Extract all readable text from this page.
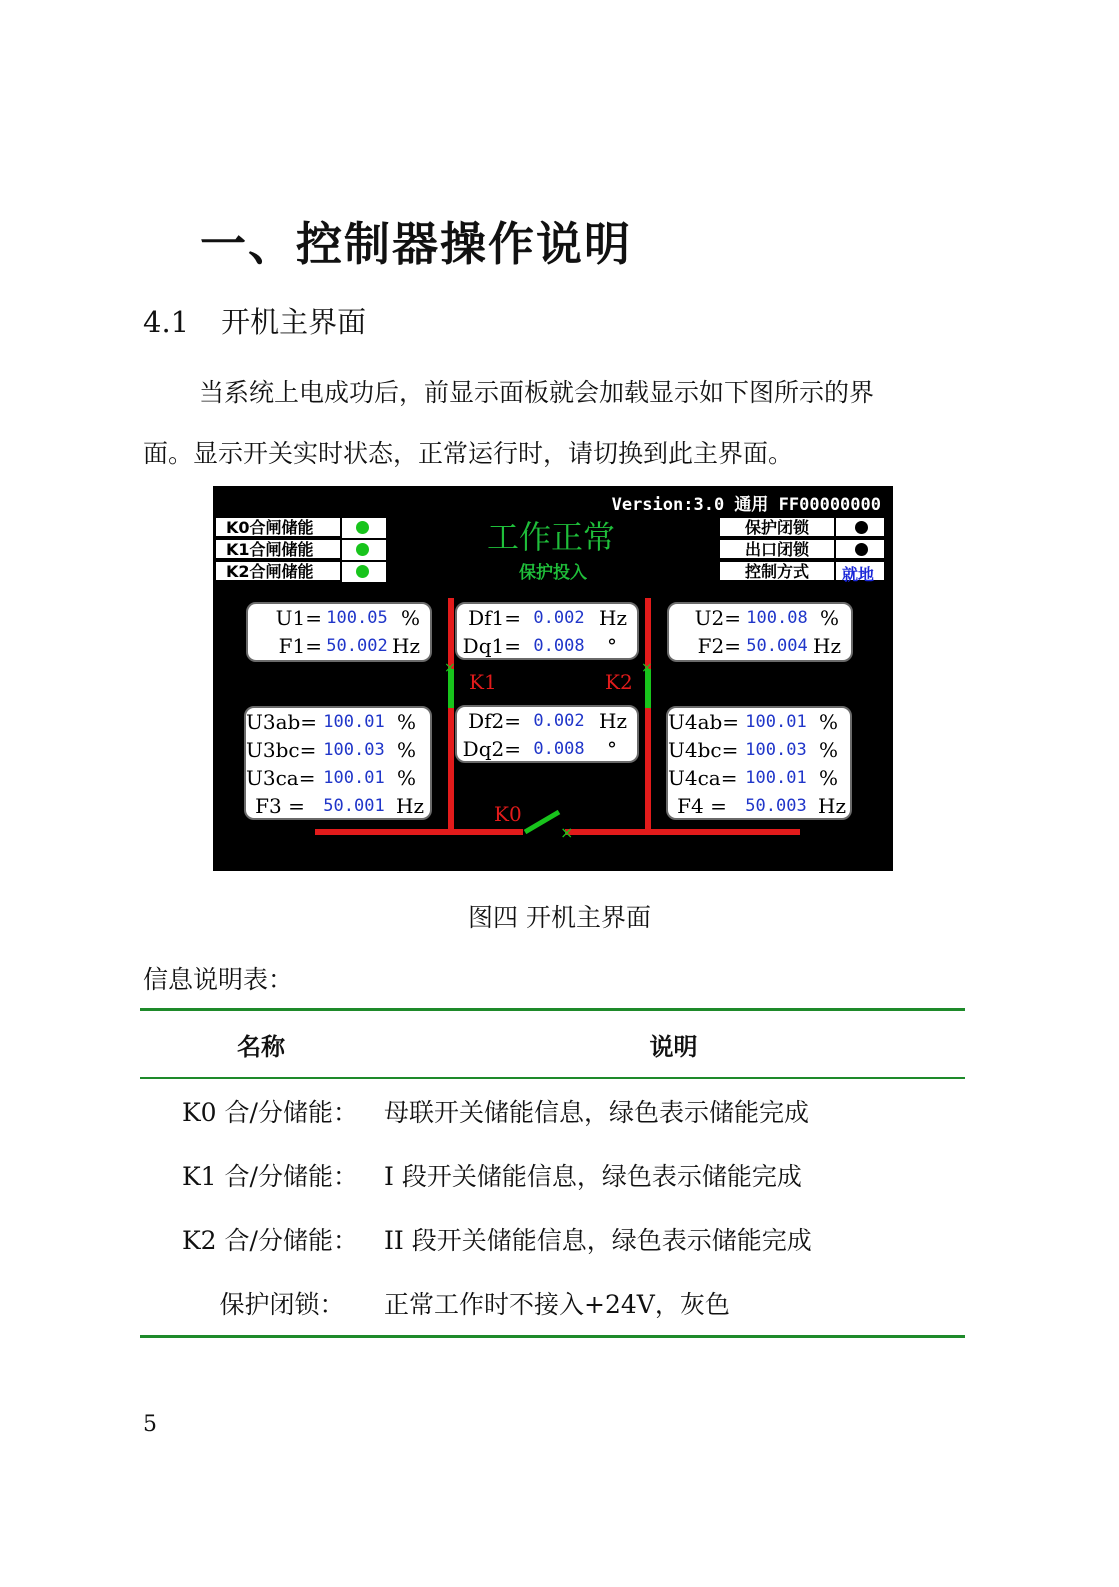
一、控制器操作说明
4.1 开机主界面
当系统上电成功后，前显示面板就会加载显示如下图所示的界
面。显示开关实时状态，正常运行时，请切换到此主界面。
Version:3.0 通用 FF00000000
K0合闸储能
K1合闸储能
K2合闸储能
工作正常
保护投入
保护闭锁
出口闭锁
控制方式	就地
×	×
×
K1	K2
K0
U1= 100.05 %
F1= 50.002 Hz
Df1= 0.002 Hz
Dq1= 0.008	°
U2= 100.08 %
F2= 50.004 Hz
U3ab= 100.01 %
U3bc= 100.03 %
U3ca= 100.01 %
F3 =	50.001 Hz
Df2= 0.002 Hz
Dq2= 0.008	°
U4ab= 100.01 %
U4bc= 100.03 %
U4ca= 100.01 %
F4 =	50.003 Hz
图四 开机主界面
信息说明表：
名称	说明
K0 合/分储能：	母联开关储能信息，绿色表示储能完成
K1 合/分储能：	I 段开关储能信息，绿色表示储能完成
K2 合/分储能：	II 段开关储能信息，绿色表示储能完成
保护闭锁：	正常工作时不接入+24V，灰色
5
